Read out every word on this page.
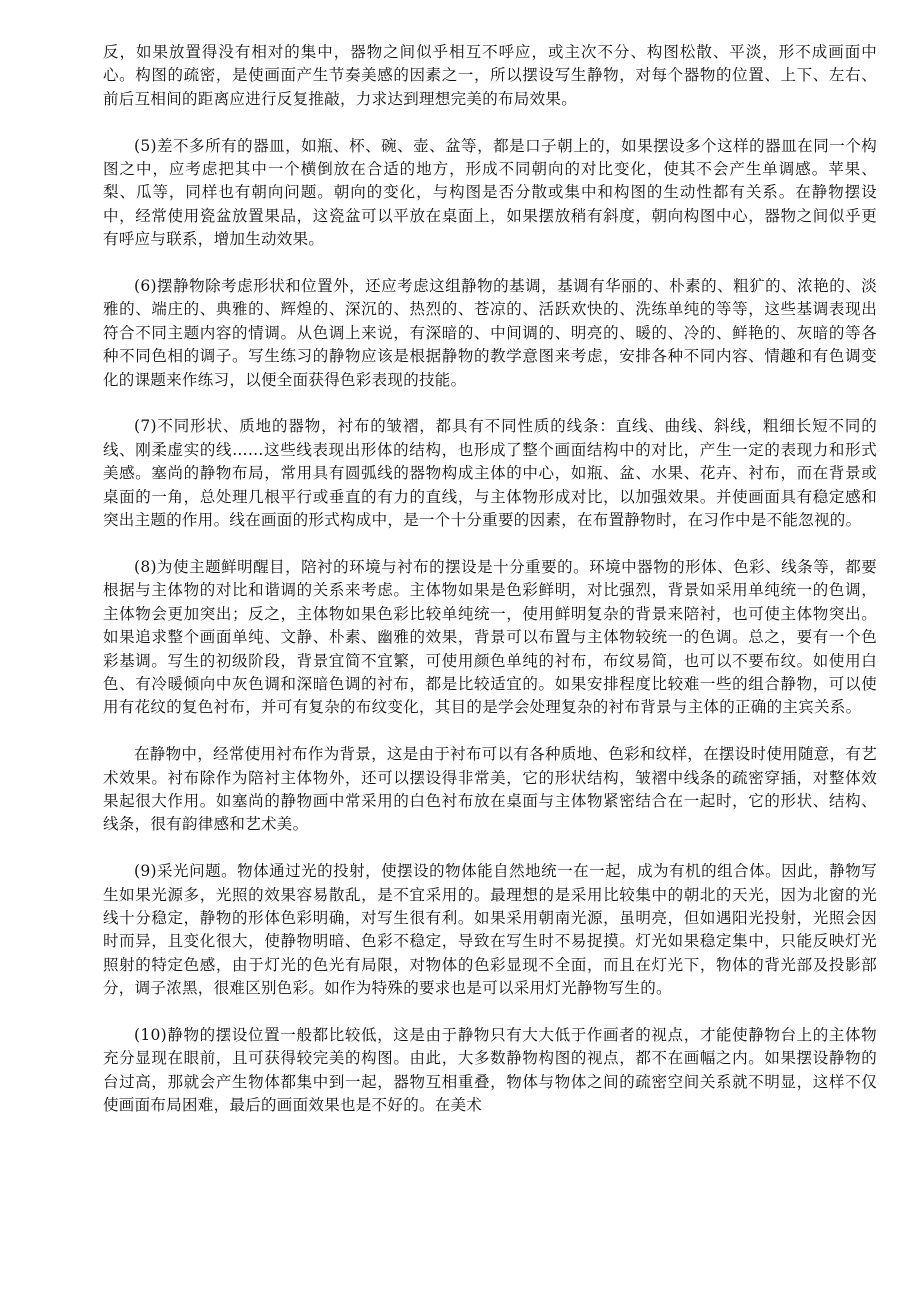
反，如果放置得没有相对的集中，器物之间似乎相互不呼应，或主次不分、构图松散、平淡，形不成画面中心。构图的疏密，是使画面产生节奏美感的因素之一，所以摆设写生静物，对每个器物的位置、上下、左右、前后互相间的距离应进行反复推敲，力求达到理想完美的布局效果。

(5)差不多所有的器皿，如瓶、杯、碗、壶、盆等，都是口子朝上的，如果摆设多个这样的器皿在同一个构图之中，应考虑把其中一个横倒放在合适的地方，形成不同朝向的对比变化，使其不会产生单调感。苹果、梨、瓜等，同样也有朝向问题。朝向的变化，与构图是否分散或集中和构图的生动性都有关系。在静物摆设中，经常使用瓷盆放置果品，这瓷盆可以平放在桌面上，如果摆放稍有斜度，朝向构图中心，器物之间似乎更有呼应与联系，增加生动效果。

(6)摆静物除考虑形状和位置外，还应考虑这组静物的基调，基调有华丽的、朴素的、粗犷的、浓艳的、淡雅的、端庄的、典雅的、辉煌的、深沉的、热烈的、苍凉的、活跃欢快的、洗练单纯的等等，这些基调表现出符合不同主题内容的情调。从色调上来说，有深暗的、中间调的、明亮的、暖的、冷的、鲜艳的、灰暗的等各种不同色相的调子。写生练习的静物应该是根据静物的教学意图来考虑，安排各种不同内容、情趣和有色调变化的课题来作练习，以便全面获得色彩表现的技能。

(7)不同形状、质地的器物，衬布的皱褶，都具有不同性质的线条：直线、曲线、斜线，粗细长短不同的线、刚柔虚实的线……这些线表现出形体的结构，也形成了整个画面结构中的对比，产生一定的表现力和形式美感。塞尚的静物布局，常用具有圆弧线的器物构成主体的中心，如瓶、盆、水果、花卉、衬布，而在背景或桌面的一角，总处理几根平行或垂直的有力的直线，与主体物形成对比，以加强效果。并使画面具有稳定感和突出主题的作用。线在画面的形式构成中，是一个十分重要的因素，在布置静物时，在习作中是不能忽视的。

(8)为使主题鲜明醒目，陪衬的环境与衬布的摆设是十分重要的。环境中器物的形体、色彩、线条等，都要根据与主体物的对比和谐调的关系来考虑。主体物如果是色彩鲜明，对比强烈，背景如采用单纯统一的色调，主体物会更加突出；反之，主体物如果色彩比较单纯统一，使用鲜明复杂的背景来陪衬，也可使主体物突出。如果追求整个画面单纯、文静、朴素、幽雅的效果，背景可以布置与主体物较统一的色调。总之，要有一个色彩基调。写生的初级阶段，背景宜简不宜繁，可使用颜色单纯的衬布，布纹易简，也可以不要布纹。如使用白色、有冷暖倾向中灰色调和深暗色调的衬布，都是比较适宜的。如果安排程度比较难一些的组合静物，可以使用有花纹的复色衬布，并可有复杂的布纹变化，其目的是学会处理复杂的衬布背景与主体的正确的主宾关系。

在静物中，经常使用衬布作为背景，这是由于衬布可以有各种质地、色彩和纹样，在摆设时使用随意，有艺术效果。衬布除作为陪衬主体物外，还可以摆设得非常美，它的形状结构，皱褶中线条的疏密穿插，对整体效果起很大作用。如塞尚的静物画中常采用的白色衬布放在桌面与主体物紧密结合在一起时，它的形状、结构、线条，很有韵律感和艺术美。

(9)采光问题。物体通过光的投射，使摆设的物体能自然地统一在一起，成为有机的组合体。因此，静物写生如果光源多，光照的效果容易散乱，是不宜采用的。最理想的是采用比较集中的朝北的天光，因为北窗的光线十分稳定，静物的形体色彩明确，对写生很有利。如果采用朝南光源，虽明亮，但如遇阳光投射，光照会因时而异，且变化很大，使静物明暗、色彩不稳定，导致在写生时不易捉摸。灯光如果稳定集中，只能反映灯光照射的特定色感，由于灯光的色光有局限，对物体的色彩显现不全面，而且在灯光下，物体的背光部及投影部分，调子浓黑，很难区别色彩。如作为特殊的要求也是可以采用灯光静物写生的。

(10)静物的摆设位置一般都比较低，这是由于静物只有大大低于作画者的视点，才能使静物台上的主体物充分显现在眼前，且可获得较完美的构图。由此，大多数静物构图的视点，都不在画幅之内。如果摆设静物的台过高，那就会产生物体都集中到一起，器物互相重叠，物体与物体之间的疏密空间关系就不明显，这样不仅使画面布局困难，最后的画面效果也是不好的。在美术
